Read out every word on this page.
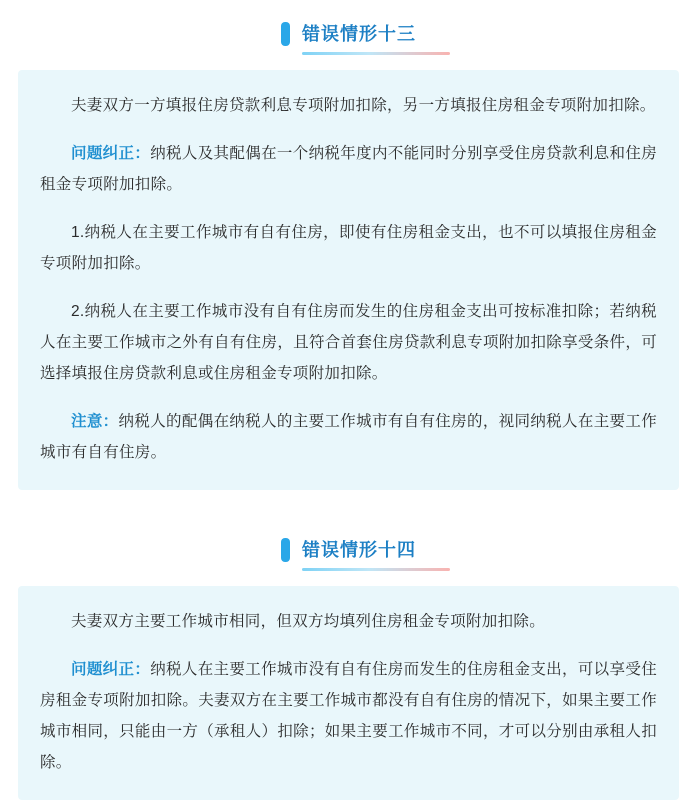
错误情形十三

夫妻双方一方填报住房贷款利息专项附加扣除，另一方填报住房租金专项附加扣除。

问题纠正：纳税人及其配偶在一个纳税年度内不能同时分别享受住房贷款利息和住房租金专项附加扣除。

1.纳税人在主要工作城市有自有住房，即使有住房租金支出，也不可以填报住房租金专项附加扣除。

2.纳税人在主要工作城市没有自有住房而发生的住房租金支出可按标准扣除；若纳税人在主要工作城市之外有自有住房，且符合首套住房贷款利息专项附加扣除享受条件，可选择填报住房贷款利息或住房租金专项附加扣除。

注意：纳税人的配偶在纳税人的主要工作城市有自有住房的，视同纳税人在主要工作城市有自有住房。

错误情形十四

夫妻双方主要工作城市相同，但双方均填列住房租金专项附加扣除。

问题纠正：纳税人在主要工作城市没有自有住房而发生的住房租金支出，可以享受住房租金专项附加扣除。夫妻双方在主要工作城市都没有自有住房的情况下，如果主要工作城市相同，只能由一方（承租人）扣除；如果主要工作城市不同，才可以分别由承租人扣除。
